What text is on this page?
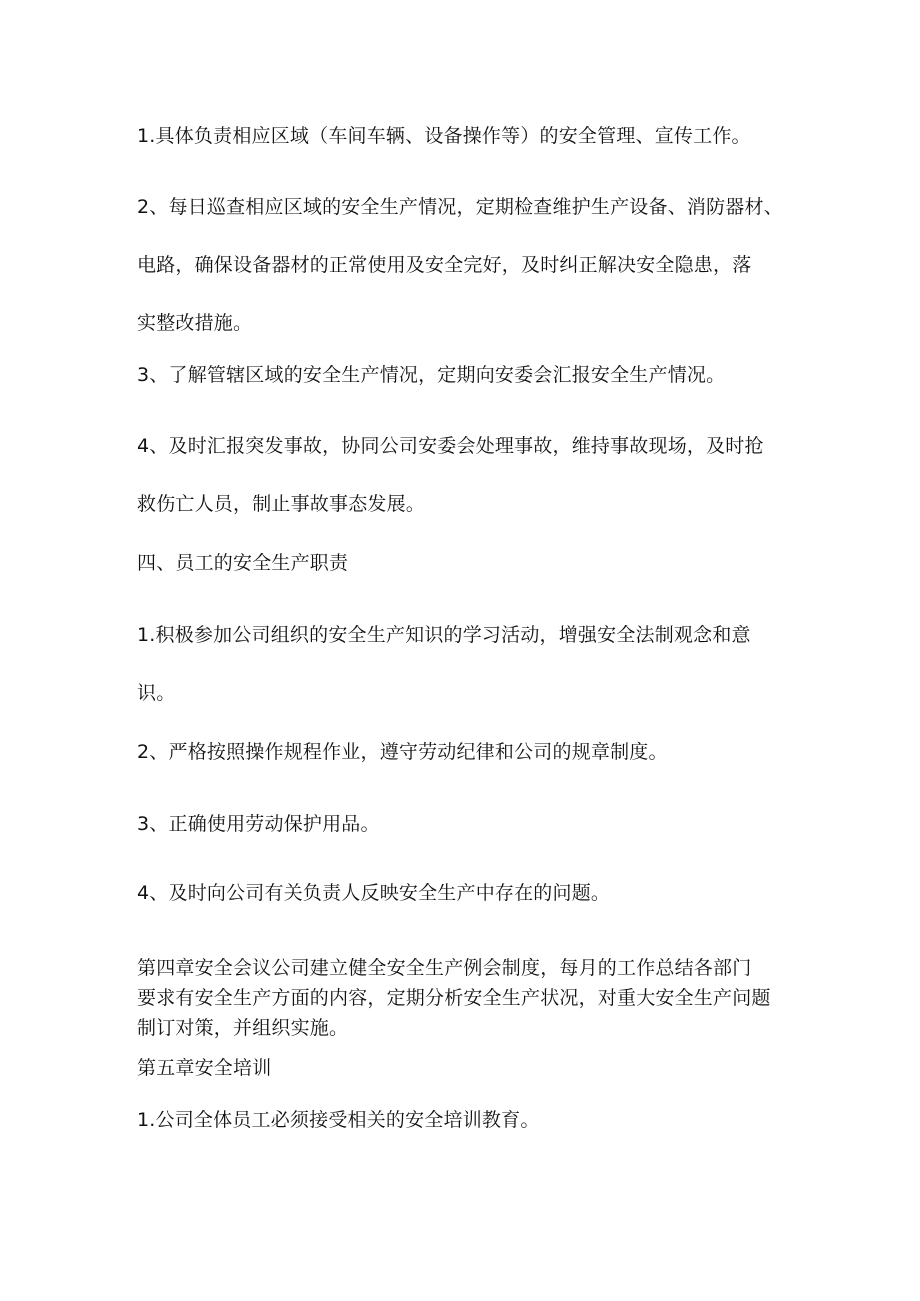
1.具体负责相应区域（车间车辆、设备操作等）的安全管理、宣传工作。

2、每日巡查相应区域的安全生产情况，定期检查维护生产设备、消防器材、
电路，确保设备器材的正常使用及安全完好，及时纠正解决安全隐患，落
实整改措施。

3、了解管辖区域的安全生产情况，定期向安委会汇报安全生产情况。

4、及时汇报突发事故，协同公司安委会处理事故，维持事故现场，及时抢
救伤亡人员，制止事故事态发展。

四、员工的安全生产职责

1.积极参加公司组织的安全生产知识的学习活动，增强安全法制观念和意
识。

2、严格按照操作规程作业，遵守劳动纪律和公司的规章制度。

3、正确使用劳动保护用品。

4、及时向公司有关负责人反映安全生产中存在的问题。

第四章安全会议公司建立健全安全生产例会制度，每月的工作总结各部门
要求有安全生产方面的内容，定期分析安全生产状况，对重大安全生产问题
制订对策，并组织实施。

第五章安全培训

1.公司全体员工必须接受相关的安全培训教育。
